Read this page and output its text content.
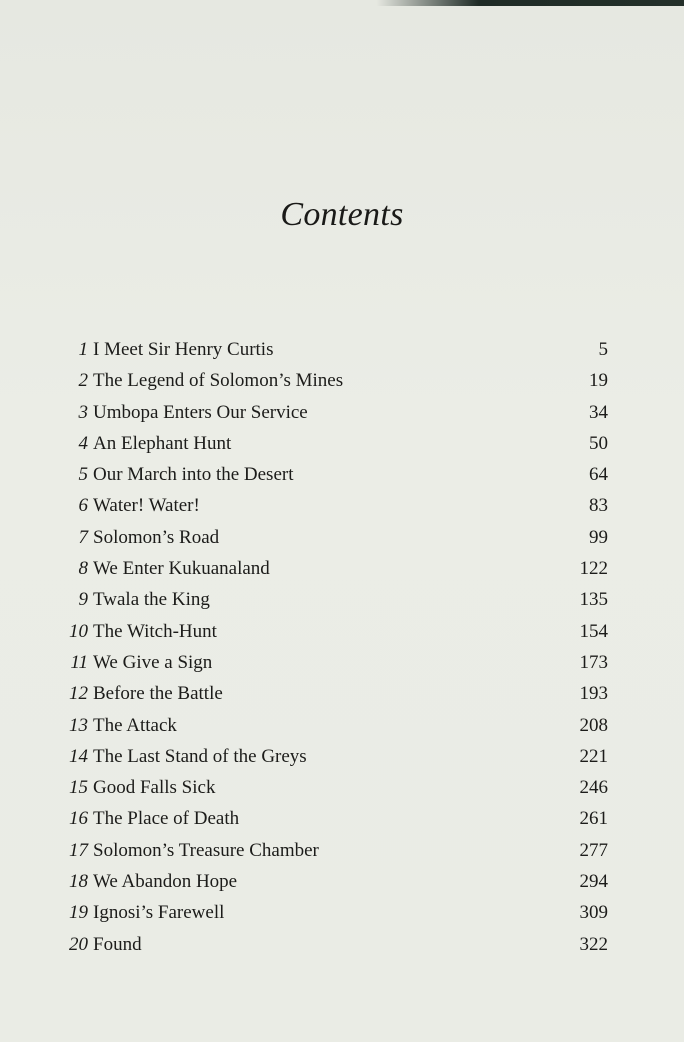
Contents
1 I Meet Sir Henry Curtis	5
2 The Legend of Solomon’s Mines	19
3 Umbopa Enters Our Service	34
4 An Elephant Hunt	50
5 Our March into the Desert	64
6 Water! Water!	83
7 Solomon’s Road	99
8 We Enter Kukuanaland	122
9 Twala the King	135
10 The Witch-Hunt	154
11 We Give a Sign	173
12 Before the Battle	193
13 The Attack	208
14 The Last Stand of the Greys	221
15 Good Falls Sick	246
16 The Place of Death	261
17 Solomon’s Treasure Chamber	277
18 We Abandon Hope	294
19 Ignosi’s Farewell	309
20 Found	322
